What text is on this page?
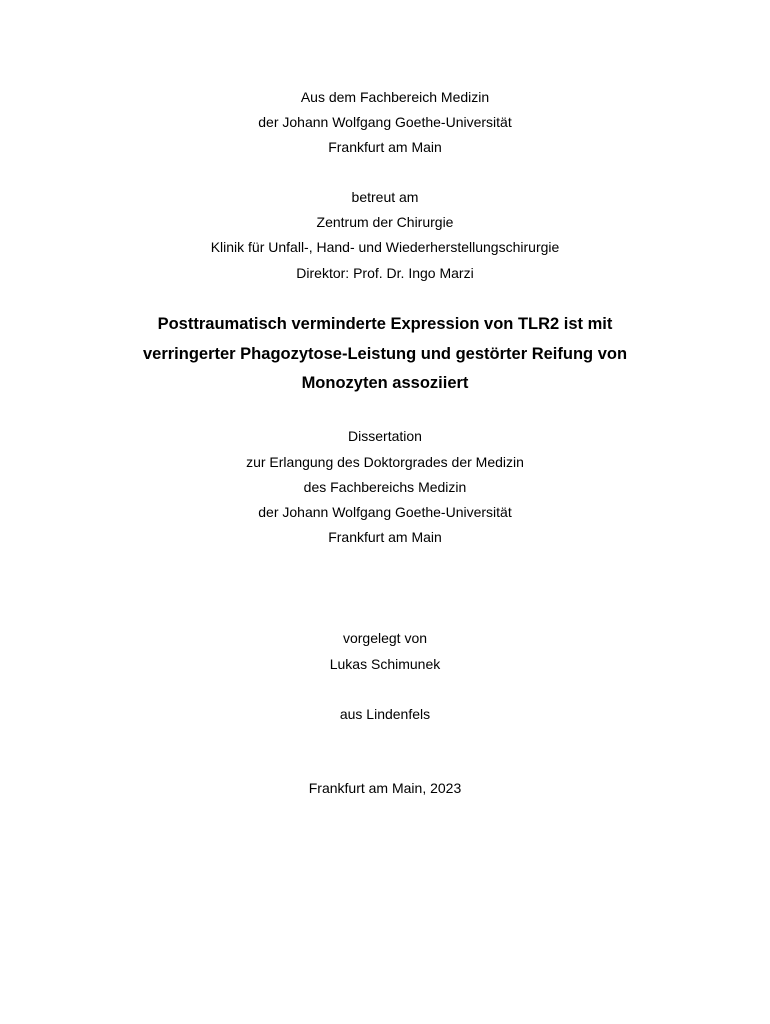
Aus dem Fachbereich Medizin
der Johann Wolfgang Goethe-Universität
Frankfurt am Main
betreut am
Zentrum der Chirurgie
Klinik für Unfall-, Hand- und Wiederherstellungschirurgie
Direktor: Prof. Dr. Ingo Marzi
Posttraumatisch verminderte Expression von TLR2 ist mit
verringerter Phagozytose-Leistung und gestörter Reifung von
Monozyten assoziiert
Dissertation
zur Erlangung des Doktorgrades der Medizin
des Fachbereichs Medizin
der Johann Wolfgang Goethe-Universität
Frankfurt am Main
vorgelegt von
Lukas Schimunek
aus Lindenfels
Frankfurt am Main, 2023
